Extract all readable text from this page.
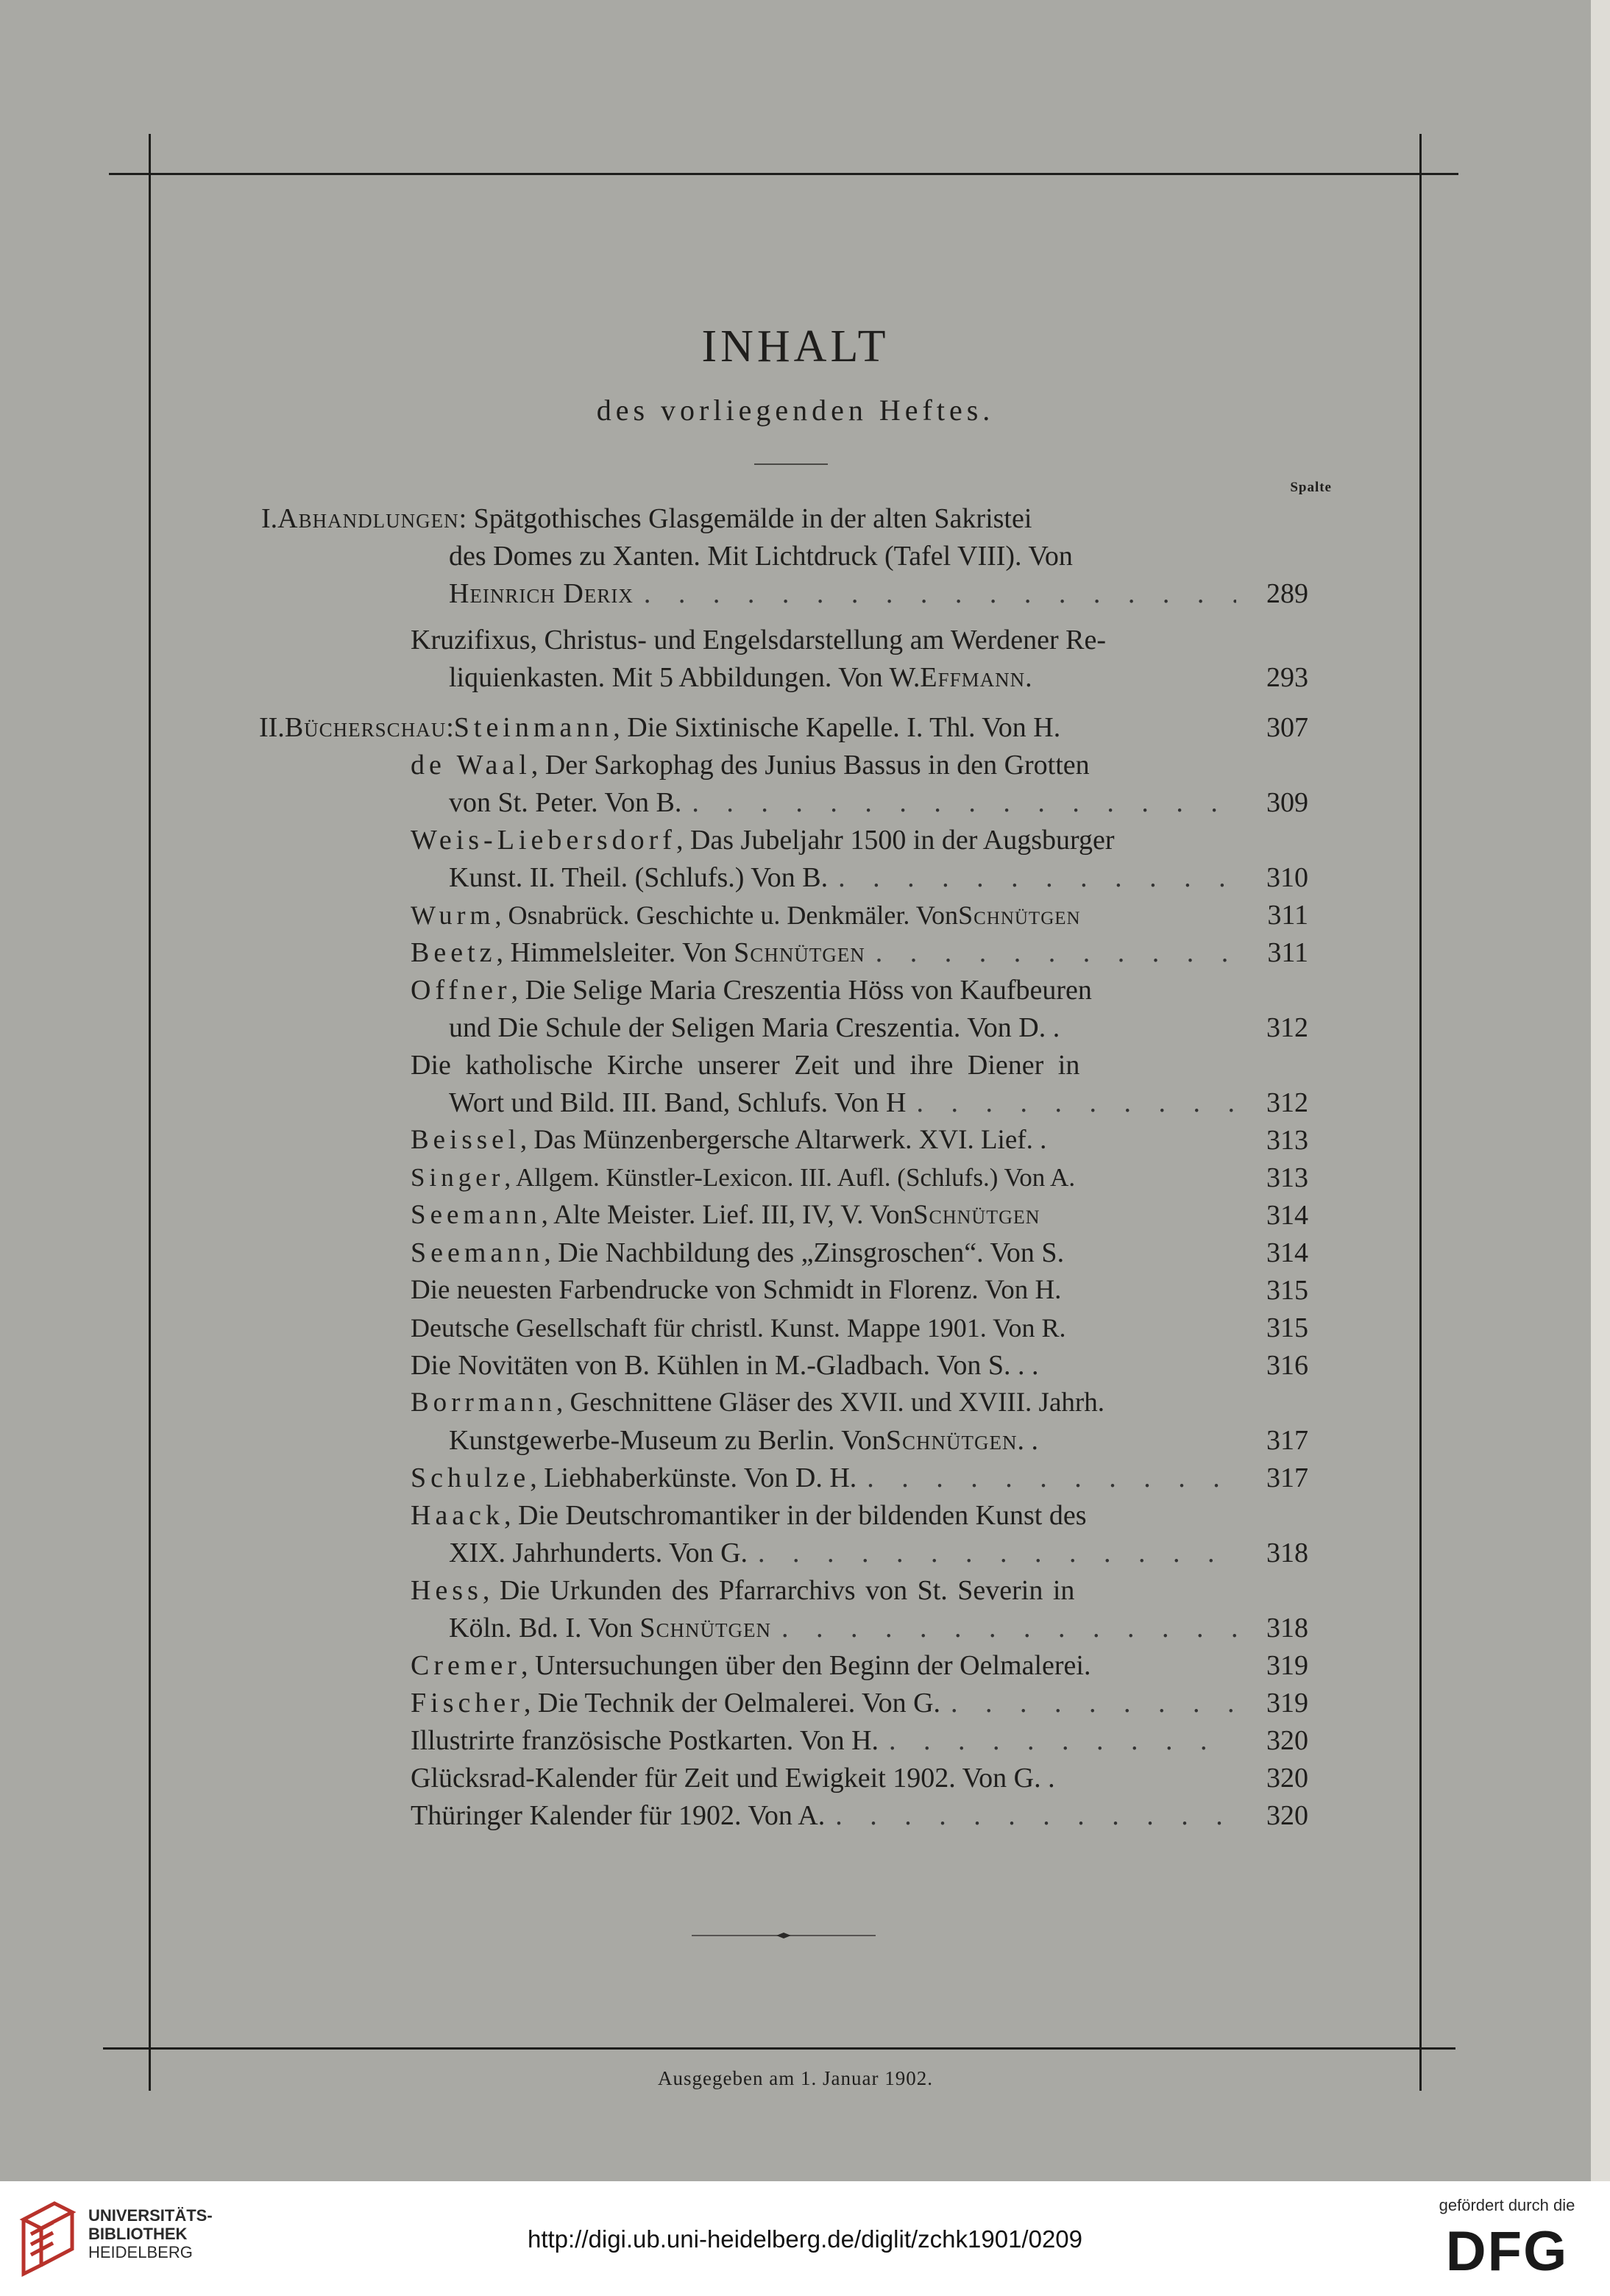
INHALT
des vorliegenden Heftes.
Spalte
I. Abhandlungen : Spätgothisches Glasgemälde in der alten Sakristei
des Domes zu Xanten. Mit Lichtdruck (Tafel VIII). Von
Heinrich Derix . . .	289
Kruzifixus, Christus- und Engelsdarstellung am Werdener Re-
liquienkasten. Mit 5 Abbildungen. Von W. Effmann .	293
II. Bücherschau : Steinmann , Die Sixtinische Kapelle. I. Thl. Von H.	307
de Waal , Der Sarkophag des Junius Bassus in den Grotten
von St. Peter. Von B. . . .	309
Weis-Liebersdorf , Das Jubeljahr 1500 in der Augsburger
Kunst. II. Theil. (Schlufs.) Von B. . . .	310
Wurm , Osnabrück. Geschichte u. Denkmäler. Von Schnütgen	311
Beetz, Himmelsleiter. Von Schnütgen . . .	311
Offner , Die Selige Maria Creszentia Höss von Kaufbeuren
und Die Schule der Seligen Maria Creszentia. Von D. .	312
Die katholische Kirche unserer Zeit und ihre Diener in
Wort und Bild. III. Band, Schlufs. Von H . . .	312
Beissel , Das Münzenbergersche Altarwerk. XVI. Lief. .	313
Singer , Allgem. Künstler-Lexicon. III. Aufl. (Schlufs.) Von A.	313
Seemann , Alte Meister. Lief. III, IV, V. Von Schnütgen	314
Seemann , Die Nachbildung des „Zinsgroschen“. Von S.	314
Die neuesten Farbendrucke von Schmidt in Florenz. Von H.	315
Deutsche Gesellschaft für christl. Kunst. Mappe 1901. Von R.	315
Die Novitäten von B. Kühlen in M.-Gladbach. Von S. . .	316
Borrmann , Geschnittene Gläser des XVII. und XVIII. Jahrh.
Kunstgewerbe-Museum zu Berlin. Von Schnütgen . .	317
Schulze, Liebhaberkünste. Von D. H. . . .	317
Haack , Die Deutschromantiker in der bildenden Kunst des
XIX. Jahrhunderts. Von G. . . .	318
Hess , Die Urkunden des Pfarrarchivs von St. Severin in
Köln. Bd. I. Von Schnütgen . . .	318
Cremer , Untersuchungen über den Beginn der Oelmalerei.	319
Fischer, Die Technik der Oelmalerei. Von G. . . .	319
Illustrirte französische Postkarten. Von H. . . .	320
Glücksrad-Kalender für Zeit und Ewigkeit 1902. Von G. .	320
Thüringer Kalender für 1902. Von A. . . .	320
Ausgegeben am 1. Januar 1902.
UNIVERSITÄTS-
BIBLIOTHEK
HEIDELBERG	http://digi.ub.uni-heidelberg.de/diglit/zchk1901/0209
gefördert durch die
DFG
